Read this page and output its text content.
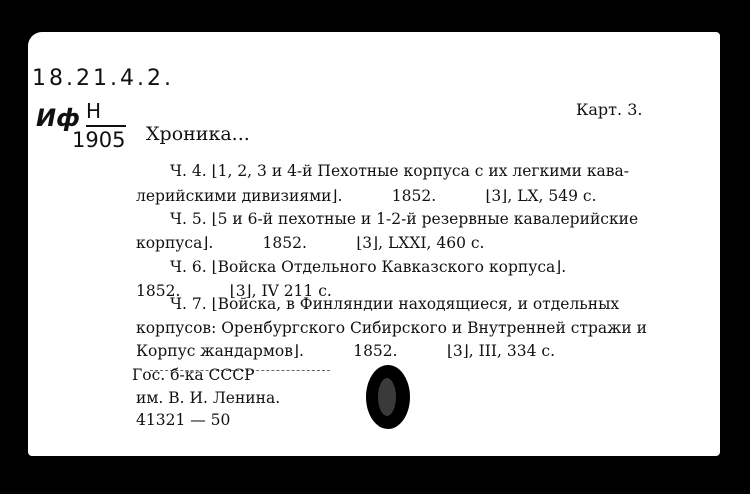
18.21.4.2.
Иф Н
1905 Хроника...
Карт. 3.
Ч. 4. ⌊1, 2, 3 и 4-й Пехотные корпуса с их легкими кава-
лерийскими дивизиями⌋.          1852.          ⌊3⌋, LX, 549 с.
Ч. 5. ⌊5 и 6-й пехотные и 1-2-й резервные кавалерийские
корпуса⌋.          1852.          ⌊3⌋, LXXI, 460 с.
Ч. 6. ⌊Войска Отдельного Кавказского корпуса⌋.
1852.          ⌊3⌋, IV 211 с.
Ч. 7. ⌊Войска, в Финляндии находящиеся, и отдельных
корпусов: Оренбургского Сибирского и Внутренней стражи и
Корпус жандармов⌋.          1852.          ⌊3⌋, III, 334 с.
Гос. б-ка СССР
им. В. И. Ленина.
41321 — 50
